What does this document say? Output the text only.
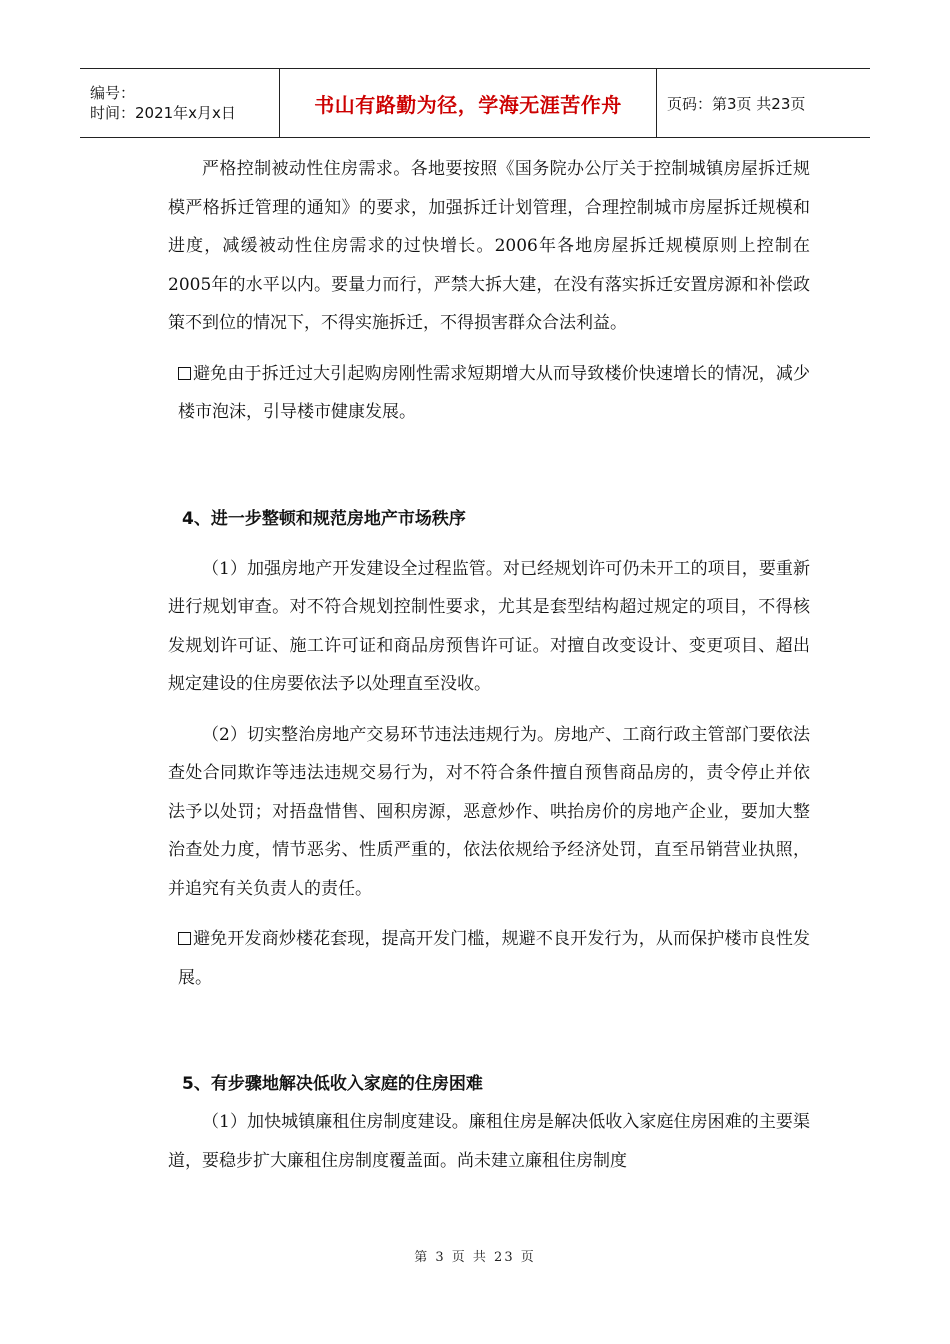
编号：
时间：2021年x月x日	书山有路勤为径，学海无涯苦作舟	页码：第3页 共23页

严格控制被动性住房需求。各地要按照《国务院办公厅关于控制城镇房屋拆迁规模严格拆迁管理的通知》的要求，加强拆迁计划管理，合理控制城市房屋拆迁规模和进度，减缓被动性住房需求的过快增长。2006年各地房屋拆迁规模原则上控制在2005年的水平以内。要量力而行，严禁大拆大建，在没有落实拆迁安置房源和补偿政策不到位的情况下，不得实施拆迁，不得损害群众合法利益。

避免由于拆迁过大引起购房刚性需求短期增大从而导致楼价快速增长的情况，减少楼市泡沫，引导楼市健康发展。

4、进一步整顿和规范房地产市场秩序

（1）加强房地产开发建设全过程监管。对已经规划许可仍未开工的项目，要重新进行规划审查。对不符合规划控制性要求，尤其是套型结构超过规定的项目，不得核发规划许可证、施工许可证和商品房预售许可证。对擅自改变设计、变更项目、超出规定建设的住房要依法予以处理直至没收。

（2）切实整治房地产交易环节违法违规行为。房地产、工商行政主管部门要依法查处合同欺诈等违法违规交易行为，对不符合条件擅自预售商品房的，责令停止并依法予以处罚；对捂盘惜售、囤积房源，恶意炒作、哄抬房价的房地产企业，要加大整治查处力度，情节恶劣、性质严重的，依法依规给予经济处罚，直至吊销营业执照，并追究有关负责人的责任。

避免开发商炒楼花套现，提高开发门槛，规避不良开发行为，从而保护楼市良性发展。

5、有步骤地解决低收入家庭的住房困难

（1）加快城镇廉租住房制度建设。廉租住房是解决低收入家庭住房困难的主要渠道，要稳步扩大廉租住房制度覆盖面。尚未建立廉租住房制度

第 3 页 共 23 页
